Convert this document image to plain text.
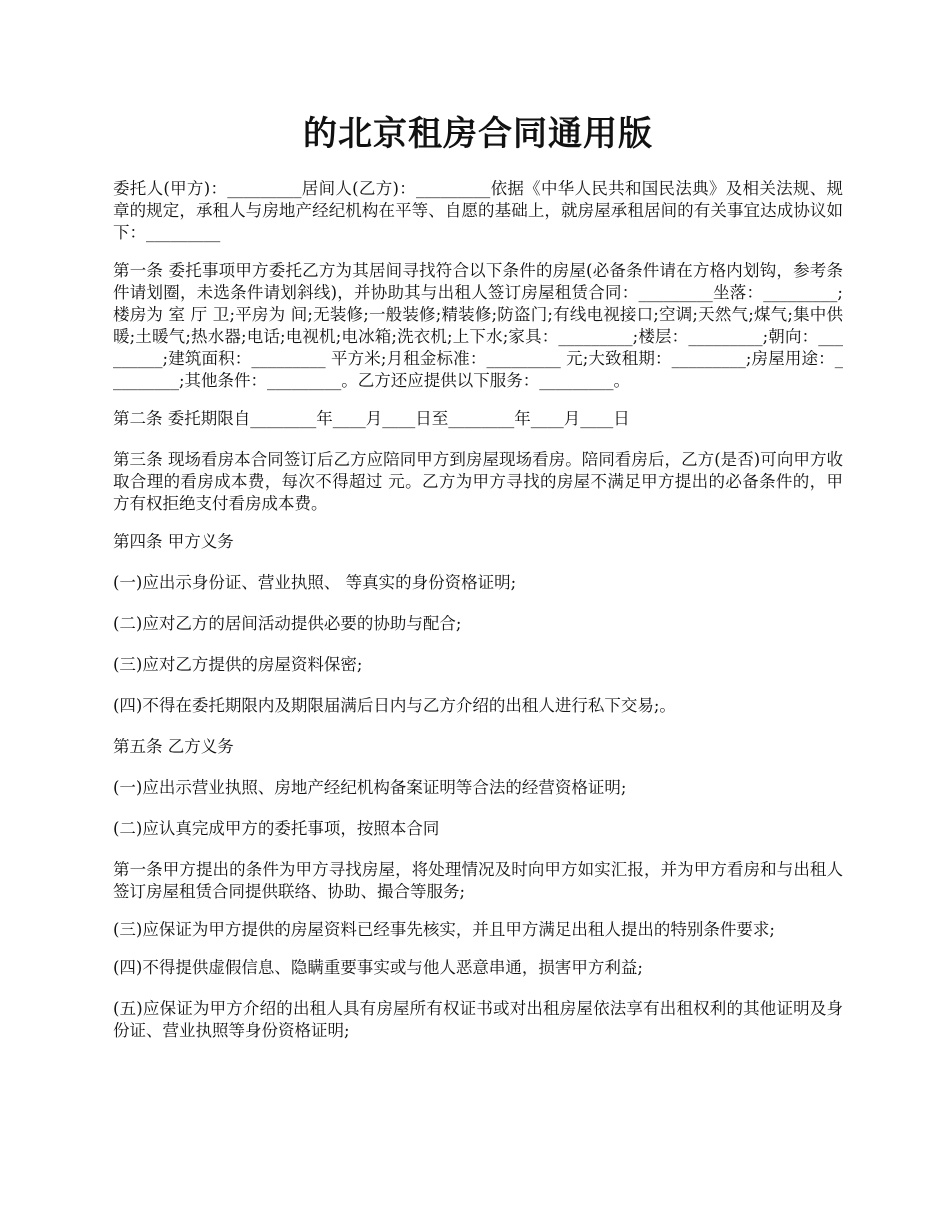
的北京租房合同通用版

委托人(甲方)：_________居间人(乙方)：_________依据《中华人民共和国民法典》及相关法规、规章的规定，承租人与房地产经纪机构在平等、自愿的基础上，就房屋承租居间的有关事宜达成协议如下：_________

第一条 委托事项甲方委托乙方为其居间寻找符合以下条件的房屋(必备条件请在方格内划钩，参考条件请划圈，未选条件请划斜线)，并协助其与出租人签订房屋租赁合同：_________坐落：_________;楼房为 室 厅 卫;平房为 间;无装修;一般装修;精装修;防盗门;有线电视接口;空调;天然气;煤气;集中供暖;土暖气;热水器;电话;电视机;电冰箱;洗衣机;上下水;家具：_________;楼层：_________;朝向：_________;建筑面积：_________ 平方米;月租金标准：_________ 元;大致租期：_________;房屋用途：_________;其他条件：_________。乙方还应提供以下服务：_________。

第二条 委托期限自________年____月____日至________年____月____日

第三条 现场看房本合同签订后乙方应陪同甲方到房屋现场看房。陪同看房后，乙方(是否)可向甲方收取合理的看房成本费，每次不得超过 元。乙方为甲方寻找的房屋不满足甲方提出的必备条件的，甲方有权拒绝支付看房成本费。

第四条 甲方义务

(一)应出示身份证、营业执照、 等真实的身份资格证明;

(二)应对乙方的居间活动提供必要的协助与配合;

(三)应对乙方提供的房屋资料保密;

(四)不得在委托期限内及期限届满后日内与乙方介绍的出租人进行私下交易;。

第五条 乙方义务

(一)应出示营业执照、房地产经纪机构备案证明等合法的经营资格证明;

(二)应认真完成甲方的委托事项，按照本合同

第一条甲方提出的条件为甲方寻找房屋，将处理情况及时向甲方如实汇报，并为甲方看房和与出租人签订房屋租赁合同提供联络、协助、撮合等服务;

(三)应保证为甲方提供的房屋资料已经事先核实，并且甲方满足出租人提出的特别条件要求;

(四)不得提供虚假信息、隐瞒重要事实或与他人恶意串通，损害甲方利益;

(五)应保证为甲方介绍的出租人具有房屋所有权证书或对出租房屋依法享有出租权利的其他证明及身份证、营业执照等身份资格证明;
